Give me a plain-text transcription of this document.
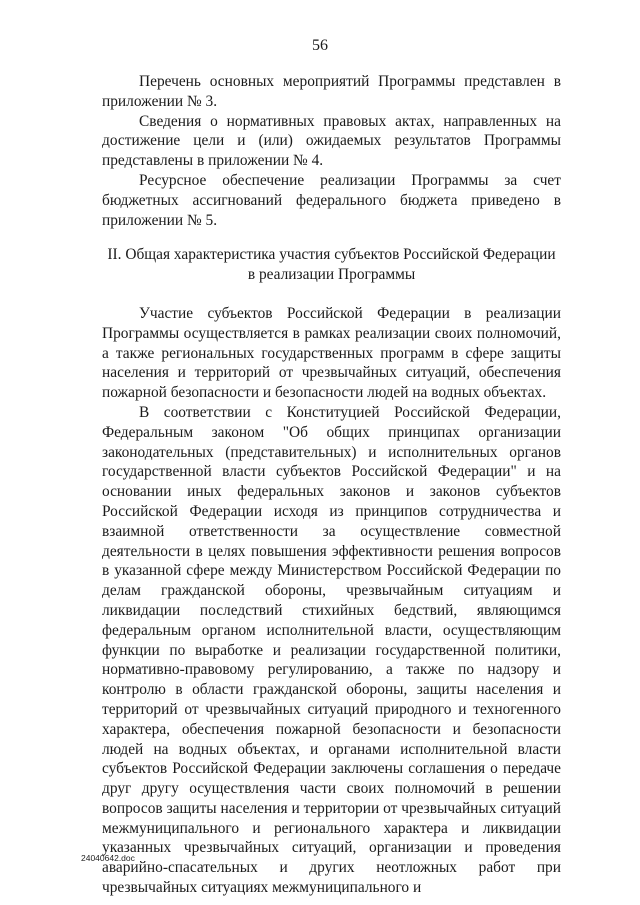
56

Перечень основных мероприятий Программы представлен в приложении № 3.

Сведения о нормативных правовых актах, направленных на достижение цели и (или) ожидаемых результатов Программы представлены в приложении № 4.

Ресурсное обеспечение реализации Программы за счет бюджетных ассигнований федерального бюджета приведено в приложении № 5.

II. Общая характеристика участия субъектов Российской Федерации
в реализации Программы

Участие субъектов Российской Федерации в реализации Программы осуществляется в рамках реализации своих полномочий, а также региональных государственных программ в сфере защиты населения и территорий от чрезвычайных ситуаций, обеспечения пожарной безопасности и безопасности людей на водных объектах.

В соответствии с Конституцией Российской Федерации, Федеральным законом "Об общих принципах организации законодательных (представительных) и исполнительных органов государственной власти субъектов Российской Федерации" и на основании иных федеральных законов и законов субъектов Российской Федерации исходя из принципов сотрудничества и взаимной ответственности за осуществление совместной деятельности в целях повышения эффективности решения вопросов в указанной сфере между Министерством Российской Федерации по делам гражданской обороны, чрезвычайным ситуациям и ликвидации последствий стихийных бедствий, являющимся федеральным органом исполнительной власти, осуществляющим функции по выработке и реализации государственной политики, нормативно-правовому регулированию, а также по надзору и контролю в области гражданской обороны, защиты населения и территорий от чрезвычайных ситуаций природного и техногенного характера, обеспечения пожарной безопасности и безопасности людей на водных объектах, и органами исполнительной власти субъектов Российской Федерации заключены соглашения о передаче друг другу осуществления части своих полномочий в решении вопросов защиты населения и территории от чрезвычайных ситуаций межмуниципального и регионального характера и ликвидации указанных чрезвычайных ситуаций, организации и проведения аварийно-спасательных и других неотложных работ при чрезвычайных ситуациях межмуниципального и

24040642.doc
